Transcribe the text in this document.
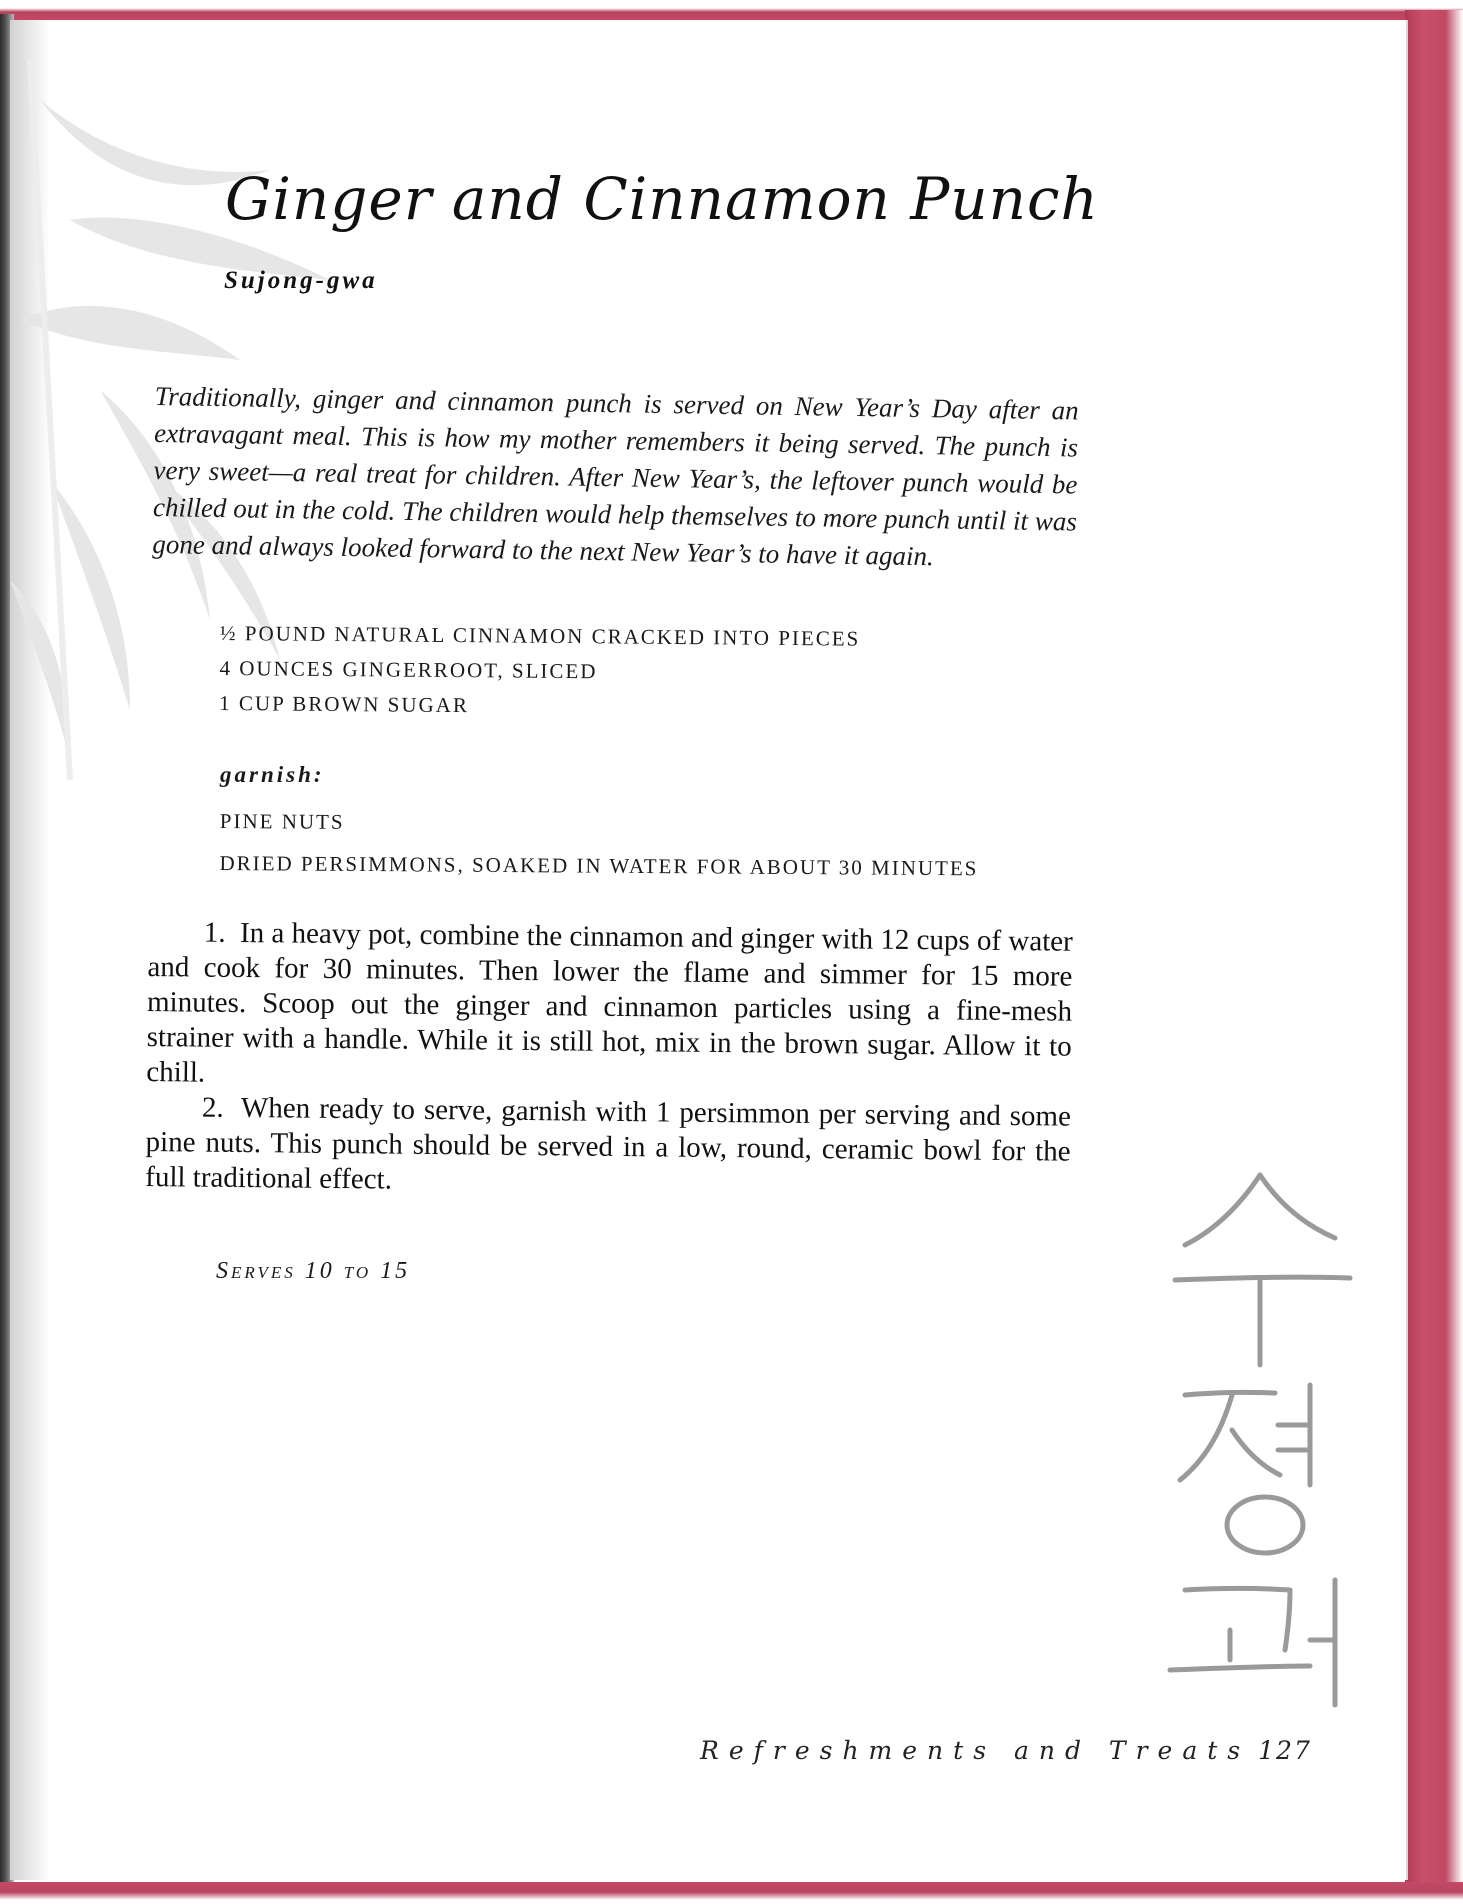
Ginger and Cinnamon Punch
Sujong-gwa

Traditionally, ginger and cinnamon punch is served on New Year’s Day after an extravagant meal. This is how my mother remembers it being served. The punch is very sweet—a real treat for children. After New Year’s, the leftover punch would be chilled out in the cold. The children would help themselves to more punch until it was gone and always looked forward to the next New Year’s to have it again.

½ POUND NATURAL CINNAMON CRACKED INTO PIECES
4 OUNCES GINGERROOT, SLICED
1 CUP BROWN SUGAR
garnish:
PINE NUTS
DRIED PERSIMMONS, SOAKED IN WATER FOR ABOUT 30 MINUTES

1.  In a heavy pot, combine the cinnamon and ginger with 12 cups of water and cook for 30 minutes. Then lower the flame and simmer for 15 more minutes. Scoop out the ginger and cinnamon particles using a fine-mesh strainer with a handle. While it is still hot, mix in the brown sugar. Allow it to chill.

2.  When ready to serve, garnish with 1 persimmon per serving and some pine nuts. This punch should be served in a low, round, ceramic bowl for the full traditional effect.

Serves 10 to 15
Refreshments and Treats 127
